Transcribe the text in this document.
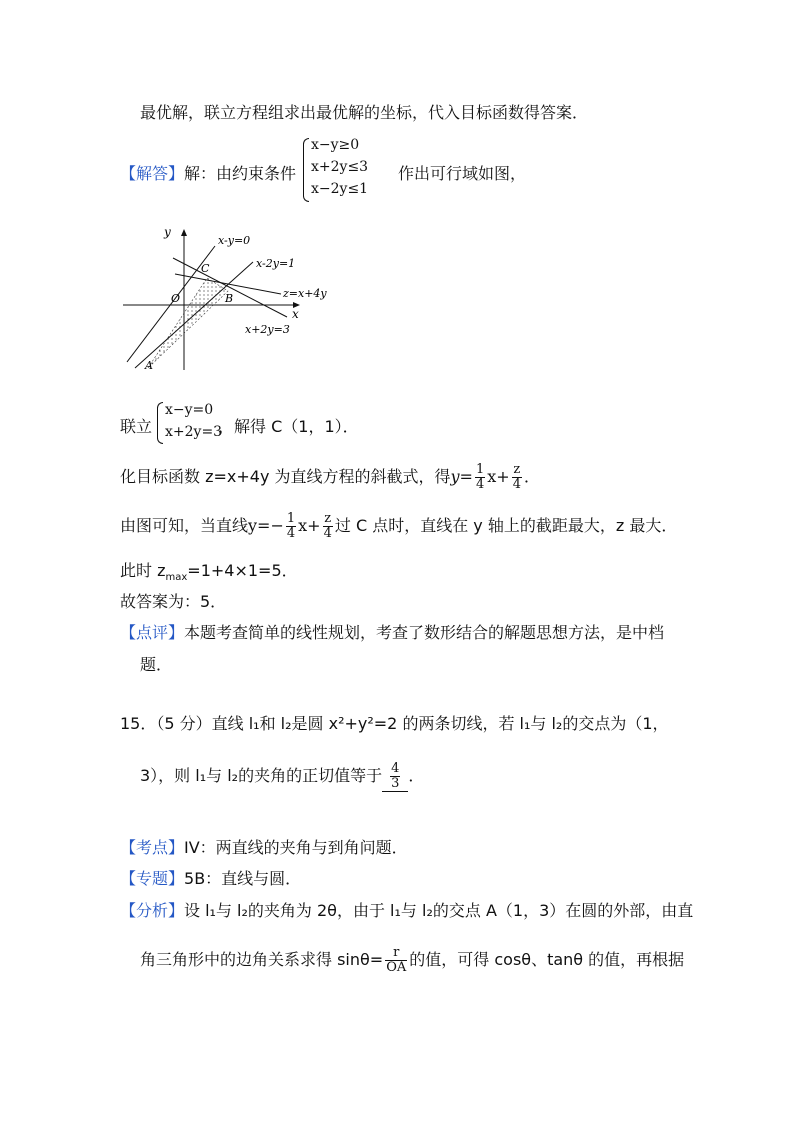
最优解，联立方程组求出最优解的坐标，代入目标函数得答案．
【解答】解：由约束条件
x−y≥0
x+2y≤3
x−2y≤1
作出可行域如图，
y
x
x-y=0
x-2y=1
z=x+4y
x+2y=3
C
B
O
A
联立
x−y=0
x+2y=3
，解得 C（1，1）．
化目标函数 z=x+4y 为直线方程的斜截式，得$y= \frac{1}{4} x+ \frac{z}{4}$ ．
由图可知，当直线$y=- \frac{1}{4} x+ \frac{z}{4}$ 过 C 点时，直线在 y 轴上的截距最大，z 最大．
此时 $z_{max}=1+4\times 1=5$．
故答案为：5．
【点评】本题考查简单的线性规划，考查了数形结合的解题思想方法，是中档
题．
15．（5 分）直线 l₁和 l₂是圆 x²+y²=2 的两条切线，若 l₁与 l₂的交点为（1，
3），则 l₁与 l₂的夹角的正切值等于 $\frac{4}{3}$ ．
【考点】IV：两直线的夹角与到角问题．
【专题】5B：直线与圆．
【分析】设 l₁与 l₂的夹角为 2θ，由于 l₁与 l₂的交点 A（1，3）在圆的外部，由直
角三角形中的边角关系求得 $\sin\theta= \frac{r}{OA}$ 的值，可得 cosθ、tanθ 的值，再根据
